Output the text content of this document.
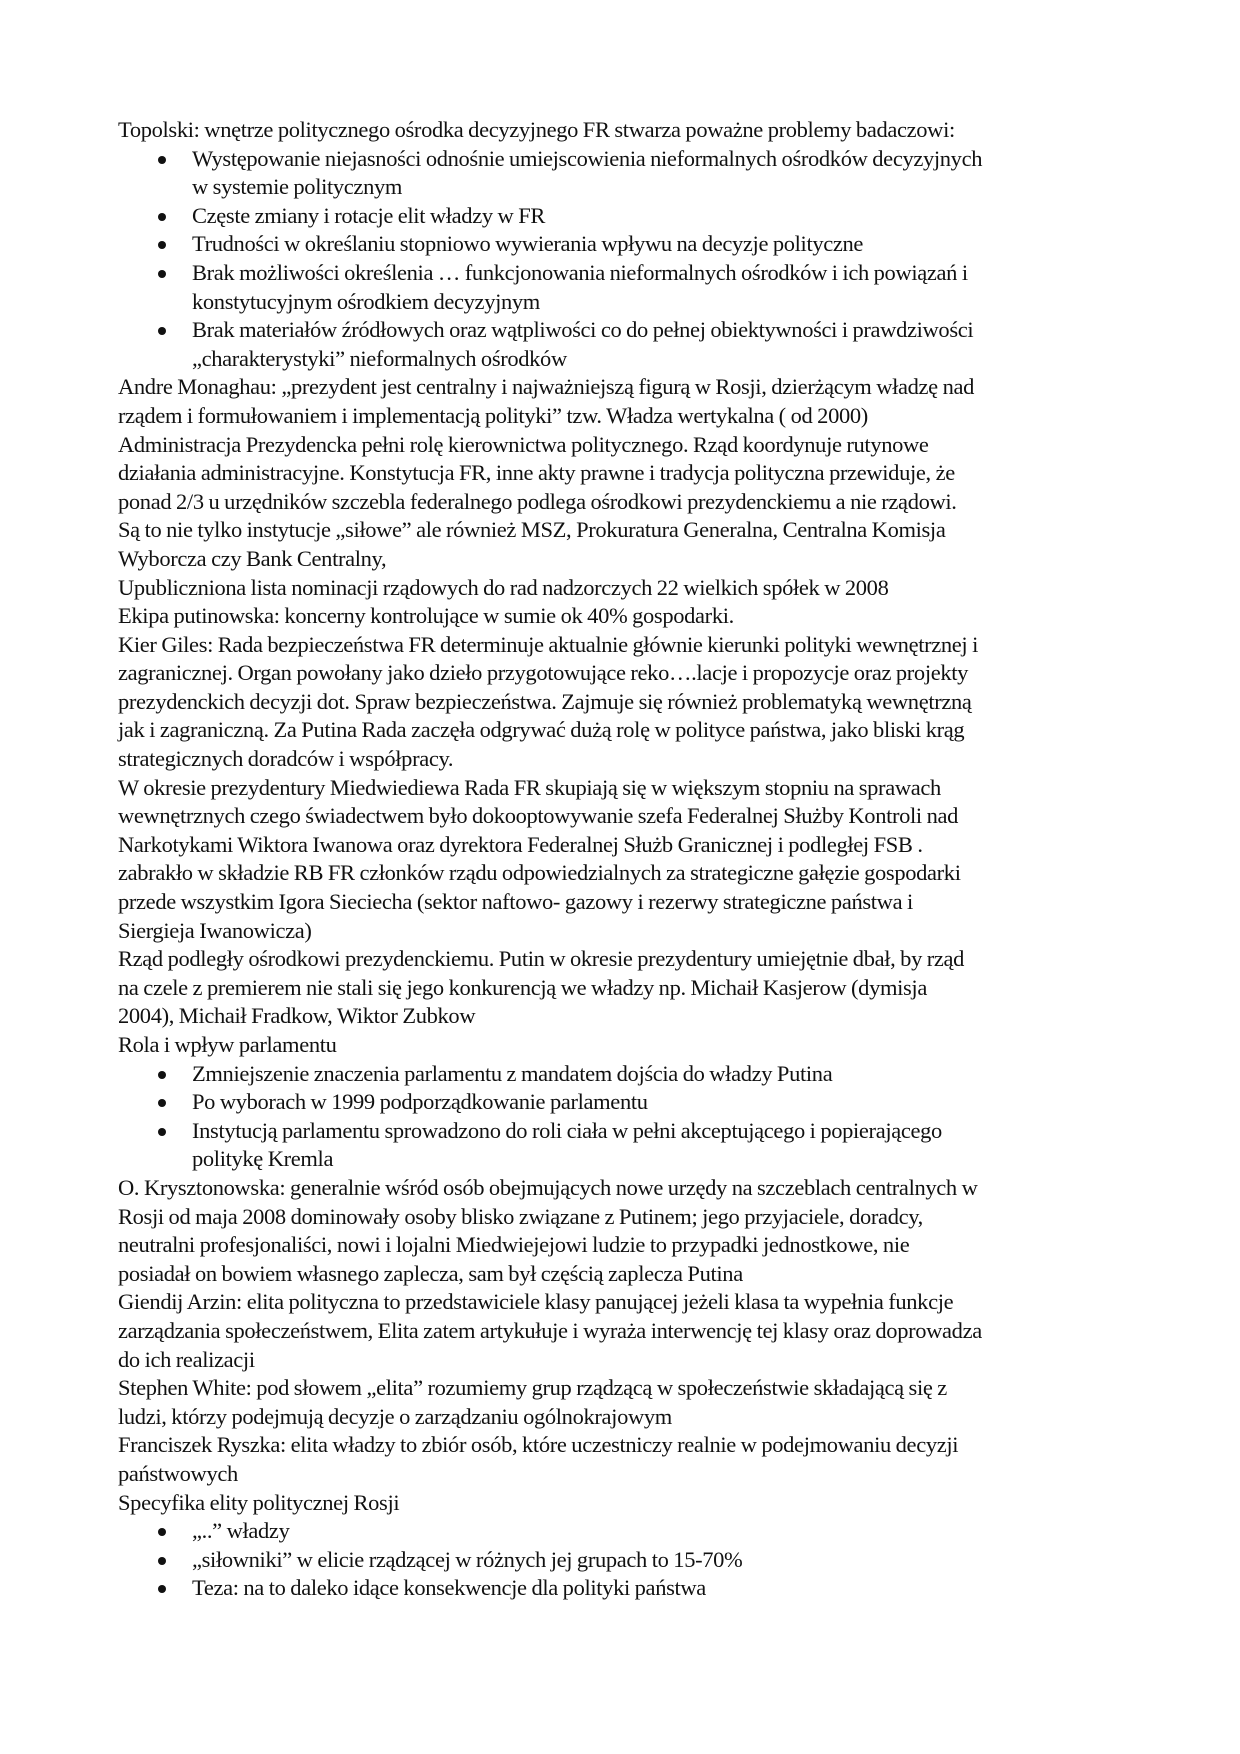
Topolski: wnętrze politycznego ośrodka decyzyjnego FR stwarza poważne problemy badaczowi:
Występowanie niejasności odnośnie umiejscowienia nieformalnych ośrodków decyzyjnych
w systemie politycznym
Częste zmiany i rotacje elit władzy w FR
Trudności w określaniu stopniowo wywierania wpływu na decyzje polityczne
Brak możliwości określenia … funkcjonowania nieformalnych ośrodków i ich powiązań i
konstytucyjnym ośrodkiem decyzyjnym
Brak materiałów źródłowych oraz wątpliwości co do pełnej obiektywności i prawdziwości
„charakterystyki” nieformalnych ośrodków
Andre Monaghau: „prezydent jest centralny i najważniejszą figurą w Rosji, dzierżącym władzę nad
rządem i formułowaniem i implementacją polityki” tzw. Władza wertykalna ( od 2000)
Administracja Prezydencka pełni rolę kierownictwa politycznego. Rząd koordynuje rutynowe
działania administracyjne. Konstytucja FR, inne akty prawne i tradycja polityczna przewiduje, że
ponad 2/3 u urzędników szczebla federalnego podlega ośrodkowi prezydenckiemu a nie rządowi.
Są to nie tylko instytucje „siłowe” ale również MSZ, Prokuratura Generalna, Centralna Komisja
Wyborcza czy Bank Centralny,
Upubliczniona lista nominacji rządowych do rad nadzorczych 22 wielkich spółek w 2008
Ekipa putinowska: koncerny kontrolujące w sumie ok 40% gospodarki.
Kier Giles: Rada bezpieczeństwa FR determinuje aktualnie głównie kierunki polityki wewnętrznej i
zagranicznej. Organ powołany jako dzieło przygotowujące reko….lacje i propozycje oraz projekty
prezydenckich decyzji dot. Spraw bezpieczeństwa. Zajmuje się również problematyką wewnętrzną
jak i zagraniczną. Za Putina Rada zaczęła odgrywać dużą rolę w polityce państwa, jako bliski krąg
strategicznych doradców i współpracy.
W okresie prezydentury Miedwiediewa Rada FR skupiają się w większym stopniu na sprawach
wewnętrznych czego świadectwem było dokooptowywanie szefa Federalnej Służby Kontroli nad
Narkotykami Wiktora Iwanowa oraz dyrektora Federalnej Służb Granicznej i podległej FSB .
zabrakło w składzie RB FR członków rządu odpowiedzialnych za strategiczne gałęzie gospodarki
przede wszystkim Igora Sieciecha (sektor naftowo- gazowy i rezerwy strategiczne państwa i
Siergieja Iwanowicza)
Rząd podległy ośrodkowi prezydenckiemu. Putin w okresie prezydentury umiejętnie dbał, by rząd
na czele z premierem nie stali się jego konkurencją we władzy np. Michaił Kasjerow (dymisja
2004), Michaił Fradkow, Wiktor Zubkow
Rola i wpływ parlamentu
Zmniejszenie znaczenia parlamentu z mandatem dojścia do władzy Putina
Po wyborach w 1999 podporządkowanie parlamentu
Instytucją parlamentu sprowadzono do roli ciała w pełni akceptującego i popierającego
politykę Kremla
O. Krysztonowska: generalnie wśród osób obejmujących nowe urzędy na szczeblach centralnych w
Rosji od maja 2008 dominowały osoby blisko związane z Putinem; jego przyjaciele, doradcy,
neutralni profesjonaliści, nowi i lojalni Miedwiejejowi ludzie to przypadki jednostkowe, nie
posiadał on bowiem własnego zaplecza, sam był częścią zaplecza Putina
Giendij Arzin: elita polityczna to przedstawiciele klasy panującej jeżeli klasa ta wypełnia funkcje
zarządzania społeczeństwem, Elita zatem artykułuje i wyraża interwencję tej klasy oraz doprowadza
do ich realizacji
Stephen White: pod słowem „elita” rozumiemy grup rządzącą w społeczeństwie składającą się z
ludzi, którzy podejmują decyzje o zarządzaniu ogólnokrajowym
Franciszek Ryszka: elita władzy to zbiór osób, które uczestniczy realnie w podejmowaniu decyzji
państwowych
Specyfika elity politycznej Rosji
„..” władzy
„siłowniki” w elicie rządzącej w różnych jej grupach to 15-70%
Teza: na to daleko idące konsekwencje dla polityki państwa
